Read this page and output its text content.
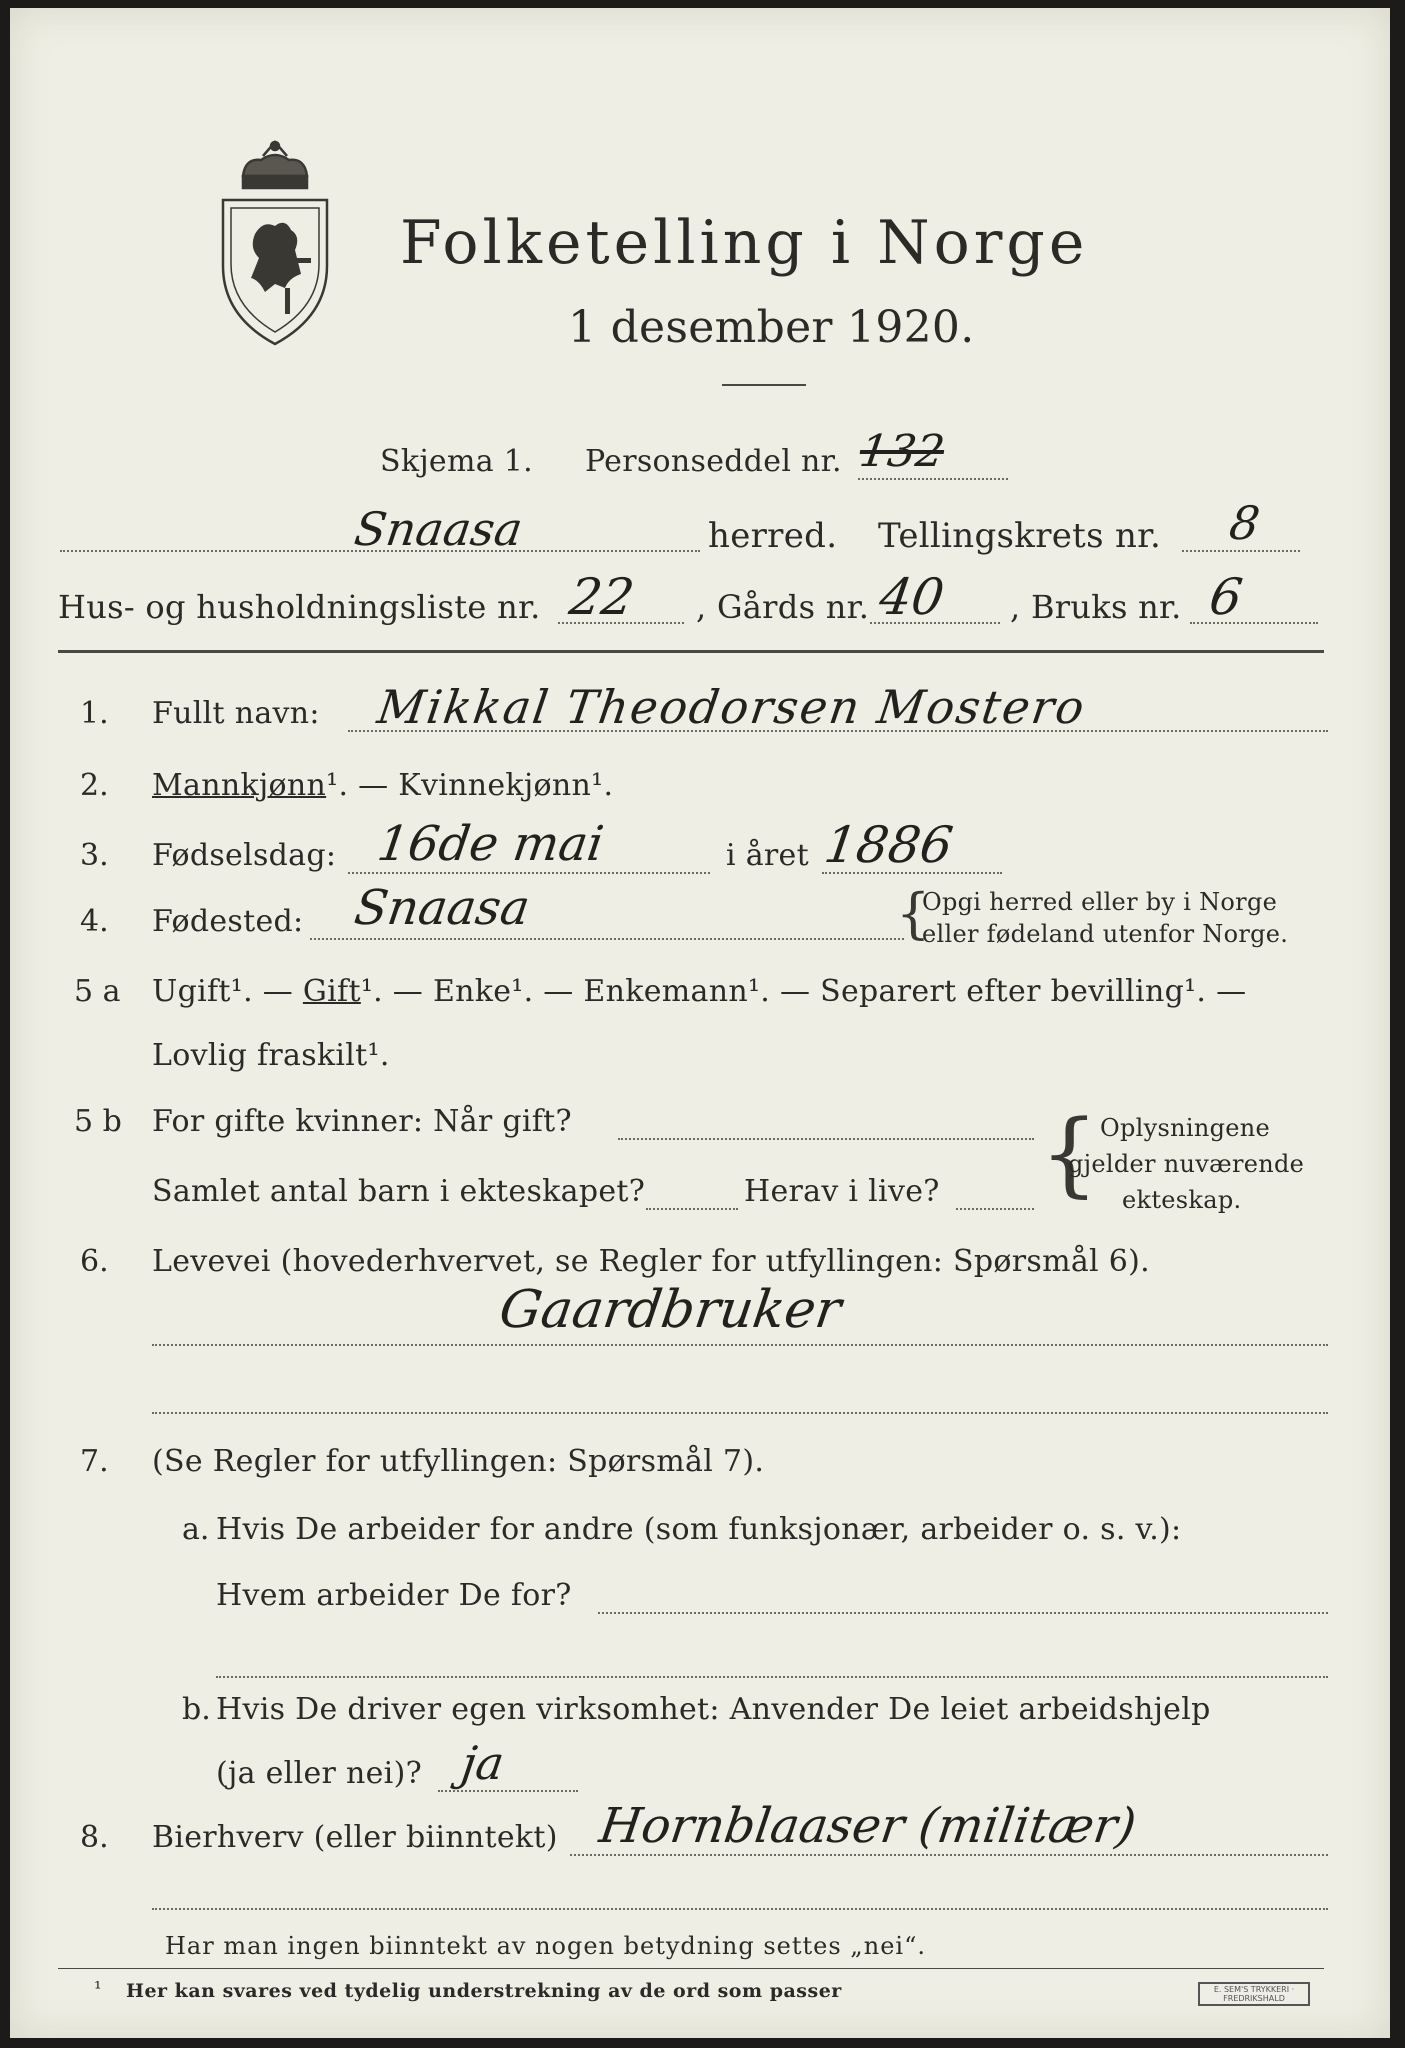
Folketelling i Norge
1 desember 1920.
Skjema 1. Personseddel nr. 132
Snaasa	herred. Tellingskrets nr. 8
Hus- og husholdningsliste nr. 22 , Gårds nr. 40 , Bruks nr. 6
1. Fullt navn: Mikkal Theodorsen Mostero
2. Mannkjønn¹. — Kvinnekjønn¹.
3. Fødselsdag: 16de mai	i året 1886
4. Fødested: Snaasa	{
Opgi herred eller by i Norge
eller fødeland utenfor Norge.
5 a Ugift¹. — Gift¹. — Enke¹. — Enkemann¹. — Separert efter bevilling¹. —
Lovlig fraskilt¹.
5 b For gifte kvinner: Når gift?
Samlet antal barn i ekteskapet?	Herav i live? { Oplysningene
gjelder nuværende
ekteskap.
6. Levevei (hovederhvervet, se Regler for utfyllingen: Spørsmål 6).
Gaardbruker
7. (Se Regler for utfyllingen: Spørsmål 7).
a. Hvis De arbeider for andre (som funksjonær, arbeider o. s. v.):
Hvem arbeider De for?
b. Hvis De driver egen virksomhet: Anvender De leiet arbeidshjelp
(ja eller nei)? ja
8. Bierhverv (eller biinntekt) Hornblaaser (militær)
Har man ingen biinntekt av nogen betydning settes „nei“.
¹ Her kan svares ved tydelig understrekning av de ord som passer	E. SEM'S TRYKKERI · FREDRIKSHALD
